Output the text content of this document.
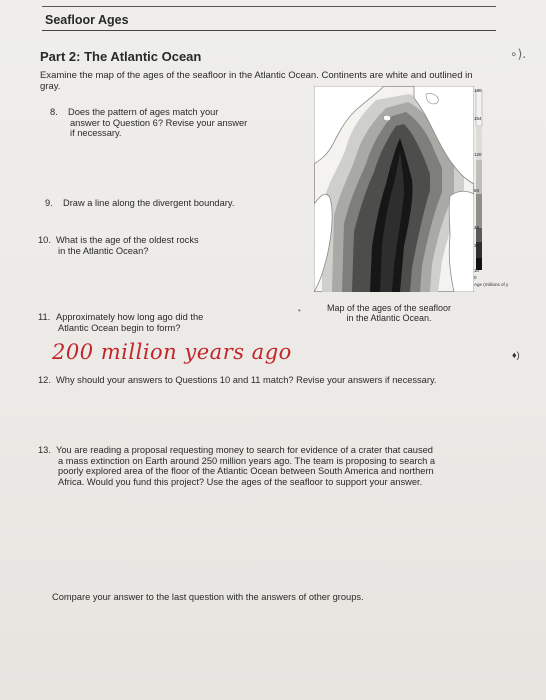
Seafloor Ages
Part 2: The Atlantic Ocean	∘).
Examine the map of the ages of the seafloor in the Atlantic Ocean. Continents are white and outlined in gray.
8. Does the pattern of ages match your
answer to Question 6? Revise your answer
if necessary.
9. Draw a line along the divergent boundary.
10. What is the age of the oldest rocks
in the Atlantic Ocean?
11. Approximately how long ago did the
Atlantic Ocean begin to form?
200 million years ago	♦)
•
12. Why should your answers to Questions 10 and 11 match? Revise your answers if necessary.
13. You are reading a proposal requesting money to search for evidence of a crater that caused
a mass extinction on Earth around 250 million years ago. The team is proposing to search a
poorly explored area of the floor of the Atlantic Ocean between South America and northern
Africa. Would you fund this project? Use the ages of the seafloor to support your answer.
Compare your answer to the last question with the answers of other groups.
180
154
120
84
48
33
10
0
Age (millions of y
Map of the ages of the seafloor
in the Atlantic Ocean.
